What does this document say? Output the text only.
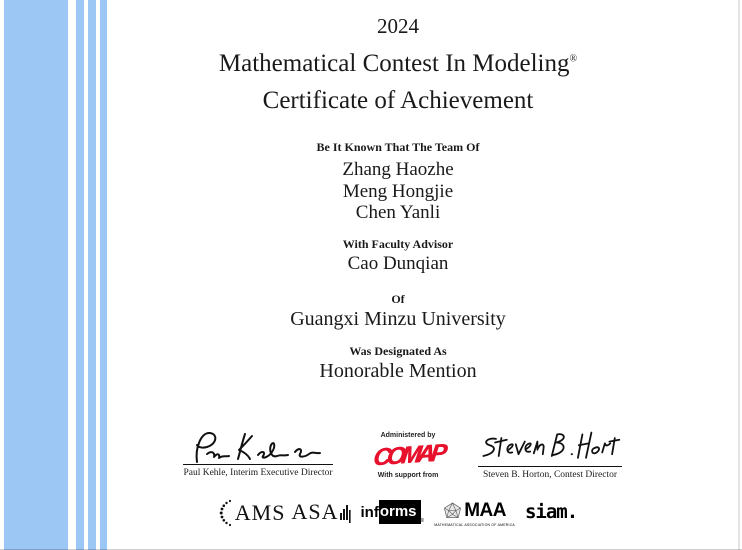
2024
Mathematical Contest In Modeling®
Certificate of Achievement
Be It Known That The Team Of
Zhang Haozhe
Meng Hongjie
Chen Yanli
With Faculty Advisor
Cao Dunqian
Of
Guangxi Minzu University
Was Designated As
Honorable Mention
Paul Kehle, Interim Executive Director
Administered by
COMAP
With support from	Steven B. Horton, Contest Director
AMS ASA inf orms
® MAA
MATHEMATICAL ASSOCIATION OF AMERICA
siam.
